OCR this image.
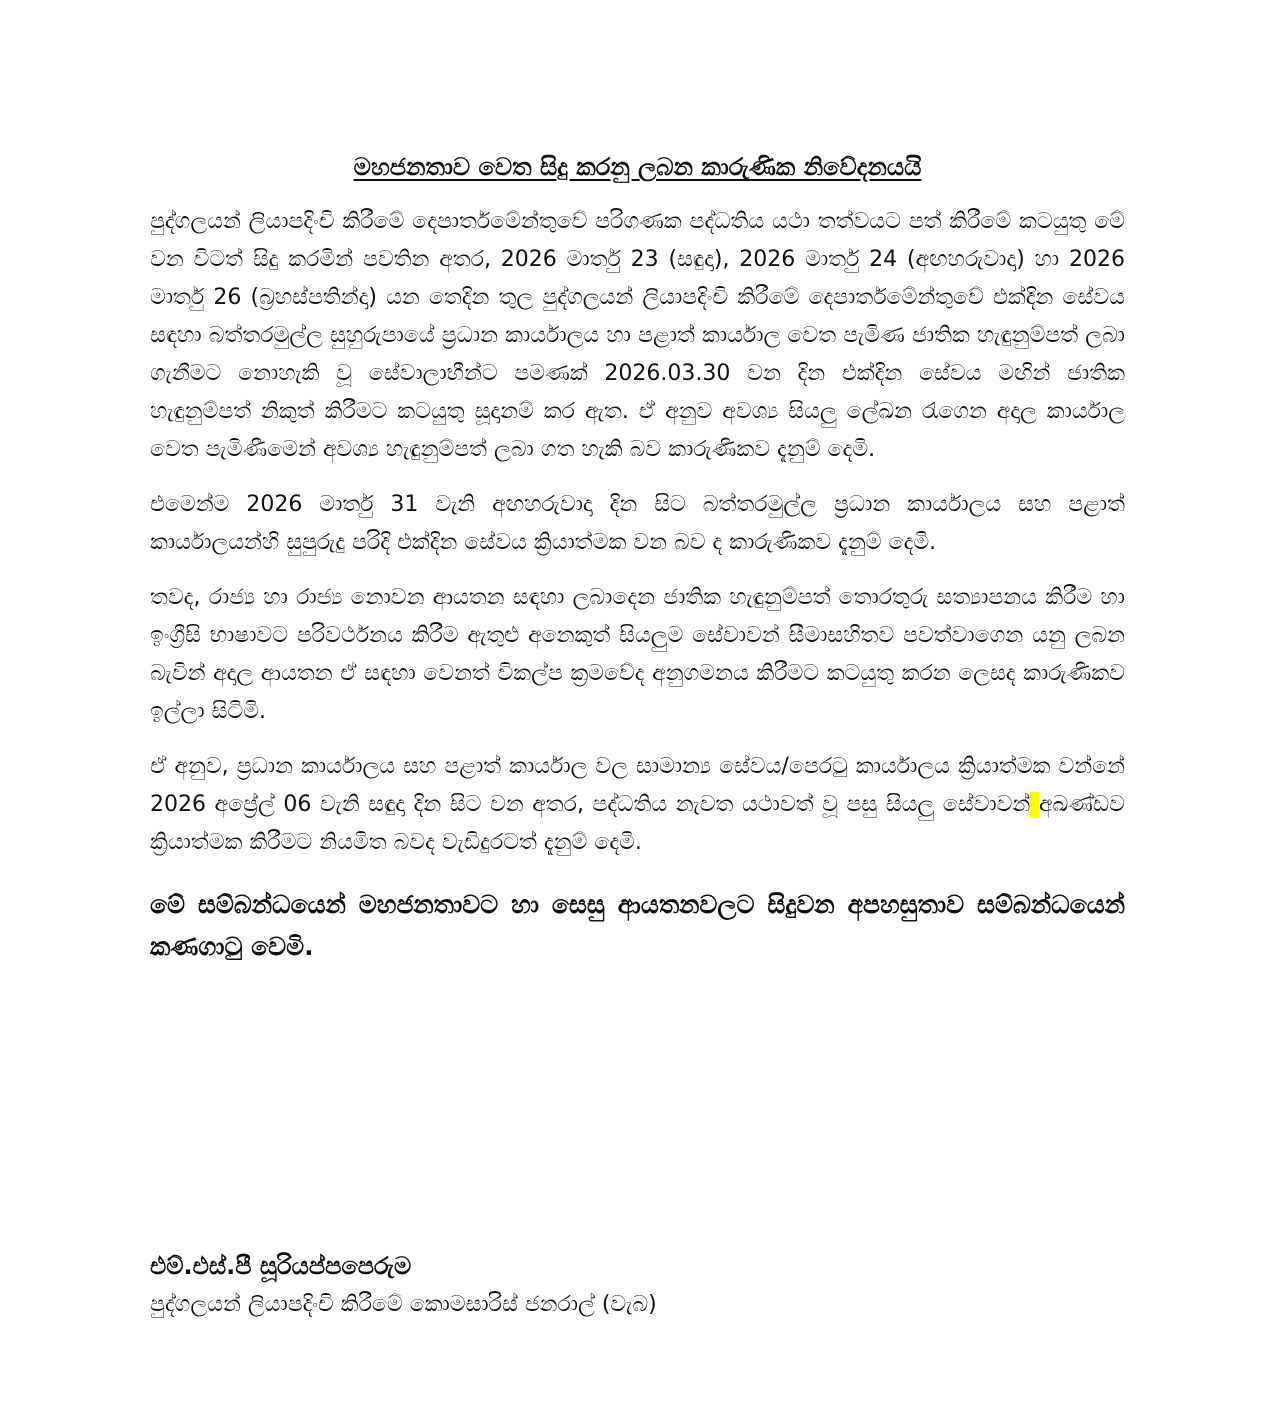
මහජනතාව වෙත සිදු කරනු ලබන කාරුණික නිවේදනයයි

පුද්ගලයන් ලියාපදිංචි කිරීමේ දෙපාර්තමේන්තුවේ පරිගණක පද්ධතිය යථා තත්වයට පත් කිරීමේ කටයුතු මේ වන විටත් සිදු කරමින් පවතින අතර, 2026 මාර්තු 23 (සඳුදා), 2026 මාර්තු 24 (අඟහරුවාදා) හා 2026 මාර්තු 26 (බ්‍රහස්පතින්දා) යන තෙදින තුල පුද්ගලයන් ලියාපදිංචි කිරීමේ දෙපාර්තමේන්තුවේ එක්දින සේවය සඳහා බත්තරමුල්ල සුහුරුපායේ ප්‍රධාන කාර්යාලය හා පළාත් කාර්යාල වෙත පැමිණ ජාතික හැඳුනුම්පත් ලබා ගැනීමට නොහැකි වූ සේවාලාභීන්ට පමණක් 2026.03.30 වන දින එක්දින සේවය මඟින් ජාතික හැඳුනුම්පත් නිකුත් කිරීමට කටයුතු සූදානම් කර ඇත. ඒ අනුව අවශ්‍ය සියලු ලේඛන රැගෙන අදාල කාර්යාල වෙත පැමිණීමෙන් අවශ්‍ය හැඳුනුම්පත් ලබා ගත හැකි බව කාරුණිකව දැනුම් දෙමි.

එමෙන්ම 2026 මාර්තු 31 වැනි අඟහරුවාදා දින සිට බත්තරමුල්ල ප්‍රධාන කාර්යාලය සහ පළාත් කාර්යාලයන්හි සුපුරුදු පරිදි එක්දින සේවය ක්‍රියාත්මක වන බව ද කාරුණිකව දැනුම් දෙමි.

තවද, රාජ්‍ය හා රාජ්‍ය නොවන ආයතන සඳහා ලබාදෙන ජාතික හැඳුනුම්පත් තොරතුරු සත්‍යාපනය කිරීම හා ඉංග්‍රීසි භාෂාවට පරිවර්ථනය කිරීම ඇතුළු අනෙකුත් සියලුම සේවාවන් සීමාසහිතව පවත්වාගෙන යනු ලබන බැවින් අදාල ආයතන ඒ සඳහා වෙනත් විකල්ප ක්‍රමවේද අනුගමනය කිරීමට කටයුතු කරන ලෙසද කාරුණිකව ඉල්ලා සිටිමි.

ඒ අනුව, ප්‍රධාන කාර්යාලය සහ පළාත් කාර්යාල වල සාමාන්‍ය සේවය/පෙරටු කාර්යාලය ක්‍රියාත්මක වන්නේ 2026 අප්‍රේල් 06 වැනි සඳුදා දින සිට වන අතර, පද්ධතිය නැවත යථාවත් වූ පසු සියලු සේවාවන් අඛණ්ඩව ක්‍රියාත්මක කිරීමට නියමිත බවද වැඩිදුරටත් දැනුම් දෙමි.

මේ සම්බන්ධයෙන් මහජනතාවට හා සෙසු ආයතනවලට සිදුවන අපහසුතාව සම්බන්ධයෙන් කණගාටු වෙමි.

එම්.එස්.පී සූරියප්පපෙරුම
පුද්ගලයන් ලියාපදිංචි කිරීමේ කොමසාරිස් ජනරාල් (වැබ)
